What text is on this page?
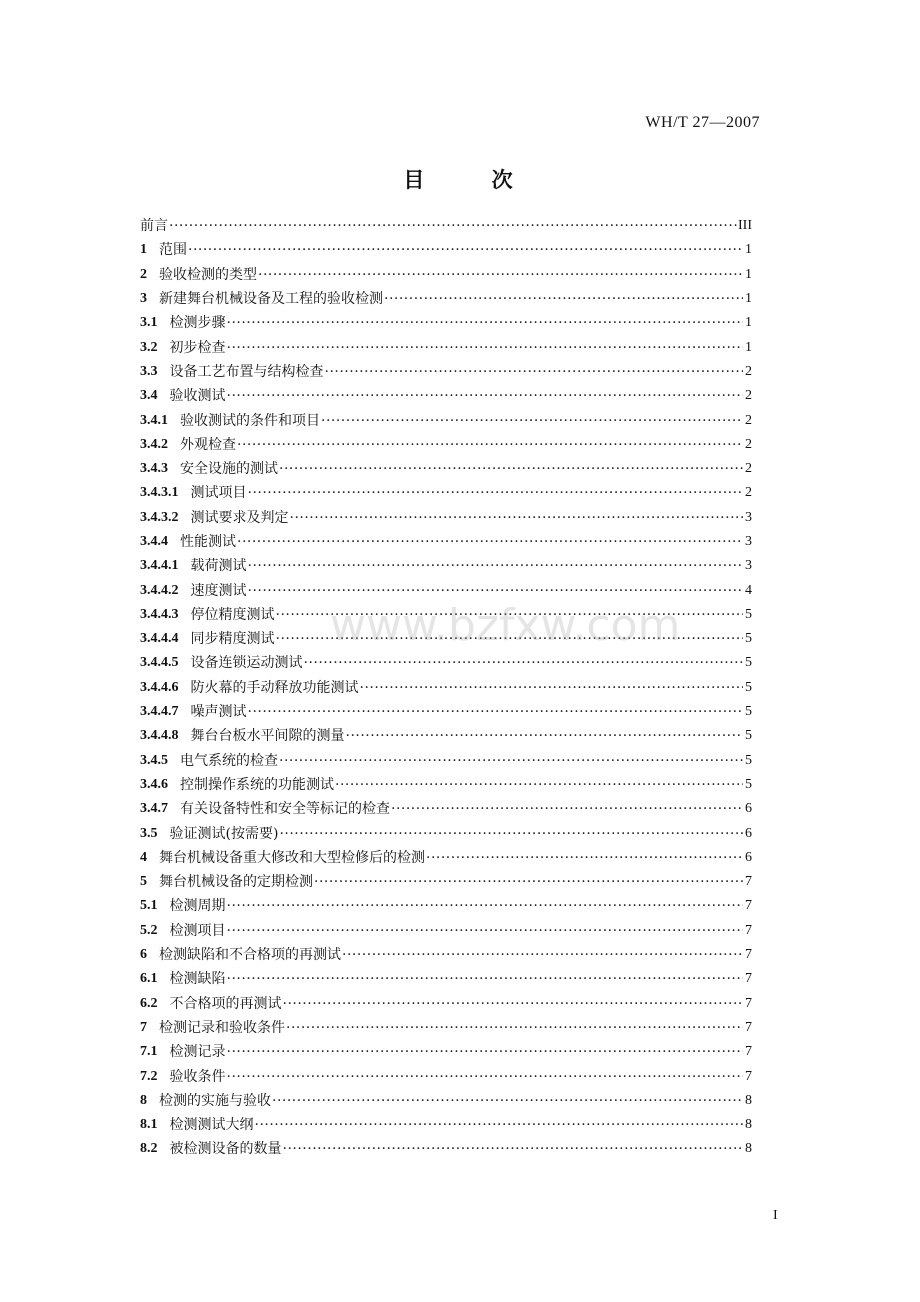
WH/T 27—2007
目 次
前言 ·····	III
1 范围 ·····	1
2 验收检测的类型 ·····	1
3 新建舞台机械设备及工程的验收检测 ·····	1
3.1 检测步骤 ·····	1
3.2 初步检查 ·····	1
3.3 设备工艺布置与结构检查 ·····	2
3.4 验收测试 ·····	2
3.4.1 验收测试的条件和项目 ·····	2
3.4.2 外观检查 ·····	2
3.4.3 安全设施的测试 ·····	2
3.4.3.1 测试项目 ·····	2
3.4.3.2 测试要求及判定 ·····	3
3.4.4 性能测试 ·····	3
3.4.4.1 载荷测试 ·····	3
3.4.4.2 速度测试 ·····	4
3.4.4.3 停位精度测试 ·····	5
3.4.4.4 同步精度测试 ·····	5
3.4.4.5 设备连锁运动测试 ·····	5
3.4.4.6 防火幕的手动释放功能测试 ·····	5
3.4.4.7 噪声测试 ·····	5
3.4.4.8 舞台台板水平间隙的测量 ·····	5
3.4.5 电气系统的检查 ·····	5
3.4.6 控制操作系统的功能测试 ·····	5
3.4.7 有关设备特性和安全等标记的检查 ·····	6
3.5 验证测试(按需要) ·····	6
4 舞台机械设备重大修改和大型检修后的检测 ·····	6
5 舞台机械设备的定期检测 ·····	7
5.1 检测周期 ·····	7
5.2 检测项目 ·····	7
6 检测缺陷和不合格项的再测试 ·····	7
6.1 检测缺陷 ·····	7
6.2 不合格项的再测试 ·····	7
7 检测记录和验收条件 ·····	7
7.1 检测记录 ·····	7
7.2 验收条件 ·····	7
8 检测的实施与验收 ·····	8
8.1 检测测试大纲 ·····	8
8.2 被检测设备的数量 ·····	8
www.bzfxw.com
I
